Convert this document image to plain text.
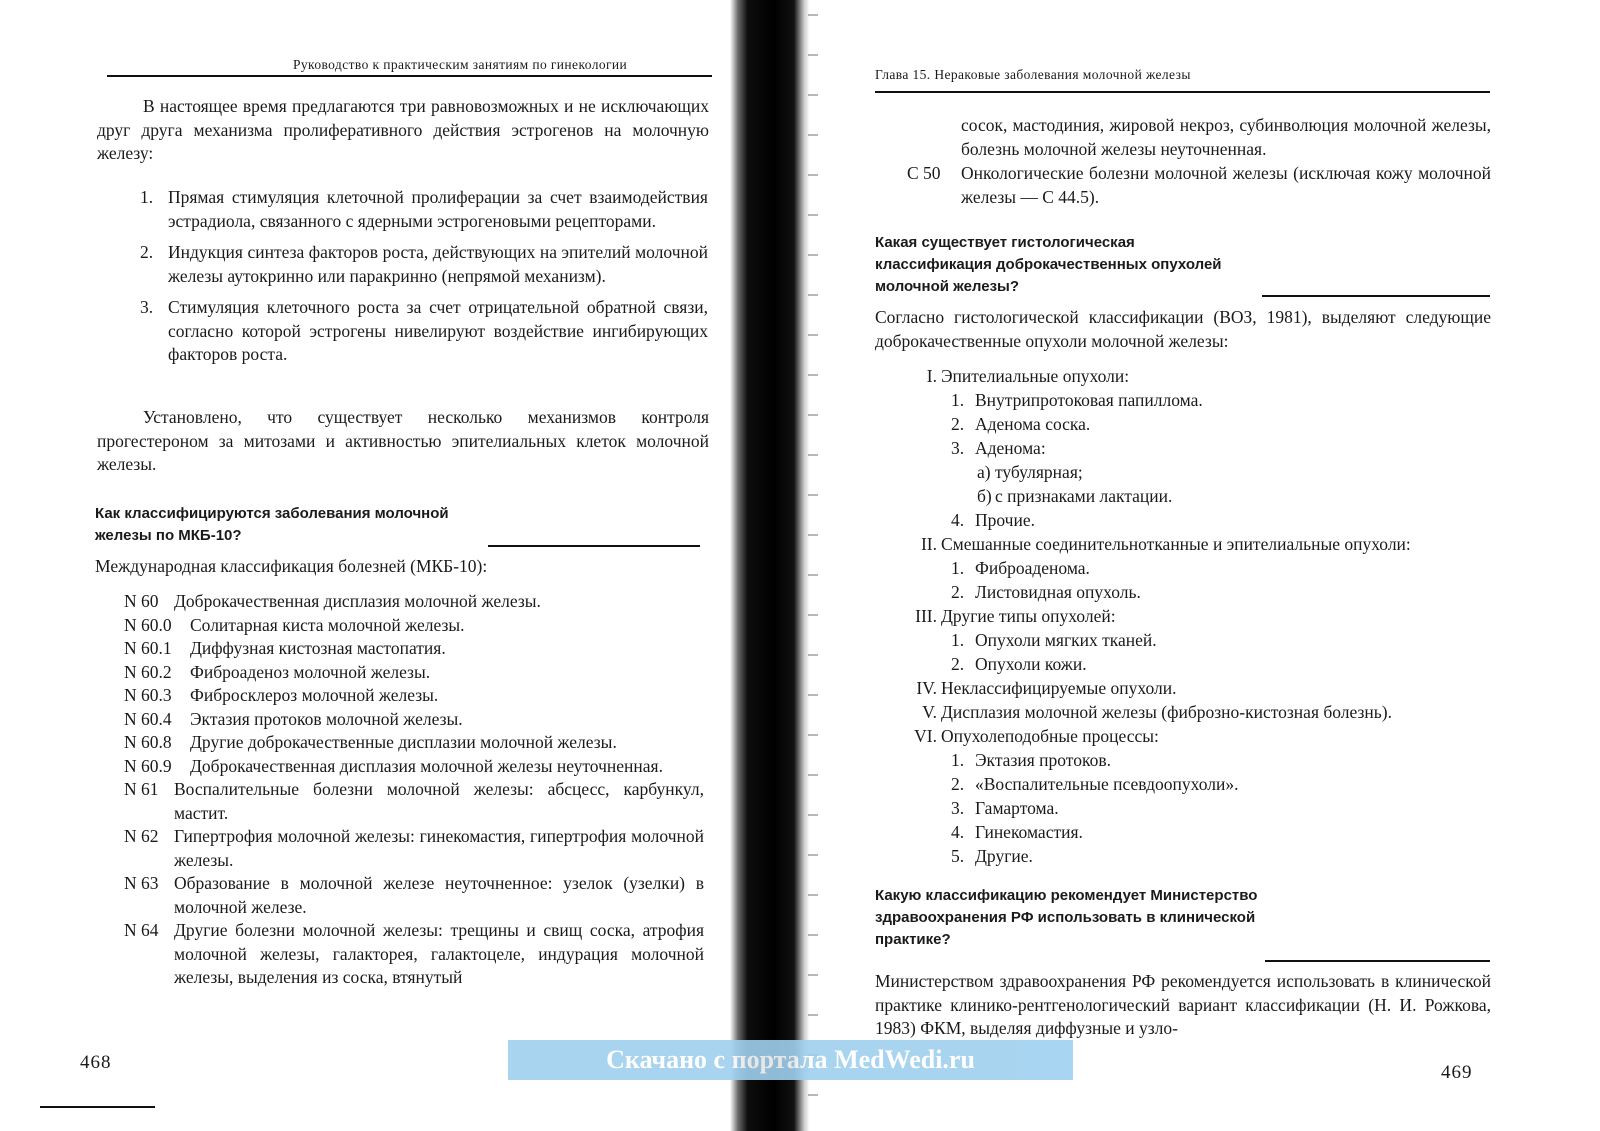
Руководство к практическим занятиям по гинекологии

В настоящее время предлагаются три равновозможных и не исключающих друг друга механизма пролиферативного действия эстрогенов на молочную железу:

1. Прямая стимуляция клеточной пролиферации за счет взаимодействия эстрадиола, связанного с ядерными эстрогеновыми рецепторами.
2. Индукция синтеза факторов роста, действующих на эпителий молочной железы аутокринно или паракринно (непрямой механизм).
3. Стимуляция клеточного роста за счет отрицательной обратной связи, согласно которой эстрогены нивелируют воздействие ингибирующих факторов роста.

Установлено, что существует несколько механизмов контроля прогестероном за митозами и активностью эпителиальных клеток молочной железы.

Как классифицируются заболевания молочной железы по МКБ-10?

Международная классификация болезней (МКБ-10):

N 60 Доброкачественная дисплазия молочной железы.
N 60.0 Солитарная киста молочной железы.
N 60.1 Диффузная кистозная мастопатия.
N 60.2 Фиброаденоз молочной железы.
N 60.3 Фибросклероз молочной железы.
N 60.4 Эктазия протоков молочной железы.
N 60.8 Другие доброкачественные дисплазии молочной железы.
N 60.9 Доброкачественная дисплазия молочной железы неуточненная.
N 61 Воспалительные болезни молочной железы: абсцесс, карбункул, мастит.
N 62 Гипертрофия молочной железы: гинекомастия, гипертрофия молочной железы.
N 63 Образование в молочной железе неуточненное: узелок (узелки) в молочной железе.
N 64 Другие болезни молочной железы: трещины и свищ соска, атрофия молочной железы, галакторея, галактоцеле, индурация молочной железы, выделения из соска, втянутый
468
Глава 15. Нераковые заболевания молочной железы

сосок, мастодиния, жировой некроз, субинволюция молочной железы, болезнь молочной железы неуточненная.

С 50	Онкологические болезни молочной железы (исключая кожу молочной железы — С 44.5).

Какая существует гистологическая классификация доброкачественных опухолей молочной железы?

Согласно гистологической классификации (ВОЗ, 1981), выделяют следующие доброкачественные опухоли молочной железы:

I. Эпителиальные опухоли:
1. Внутрипротоковая папиллома.
2. Аденома соска.
3. Аденома:
а) тубулярная;
б) с признаками лактации.
4. Прочие.
II. Смешанные соединительнотканные и эпителиальные опухоли:
1. Фиброаденома.
2. Листовидная опухоль.
III. Другие типы опухолей:
1. Опухоли мягких тканей.
2. Опухоли кожи.
IV. Неклассифицируемые опухоли.
V. Дисплазия молочной железы (фиброзно-кистозная болезнь).
VI. Опухолеподобные процессы:
1. Эктазия протоков.
2. «Воспалительные псевдоопухоли».
3. Гамартома.
4. Гинекомастия.
5. Другие.

Какую классификацию рекомендует Министерство здравоохранения РФ использовать в клинической практике?

Министерством здравоохранения РФ рекомендуется использовать в клинической практике клинико-рентгенологический вариант классификации (Н. И. Рожкова, 1983) ФКМ, выделяя диффузные и узло-

469
Скачано с портала MedWedi.ru
